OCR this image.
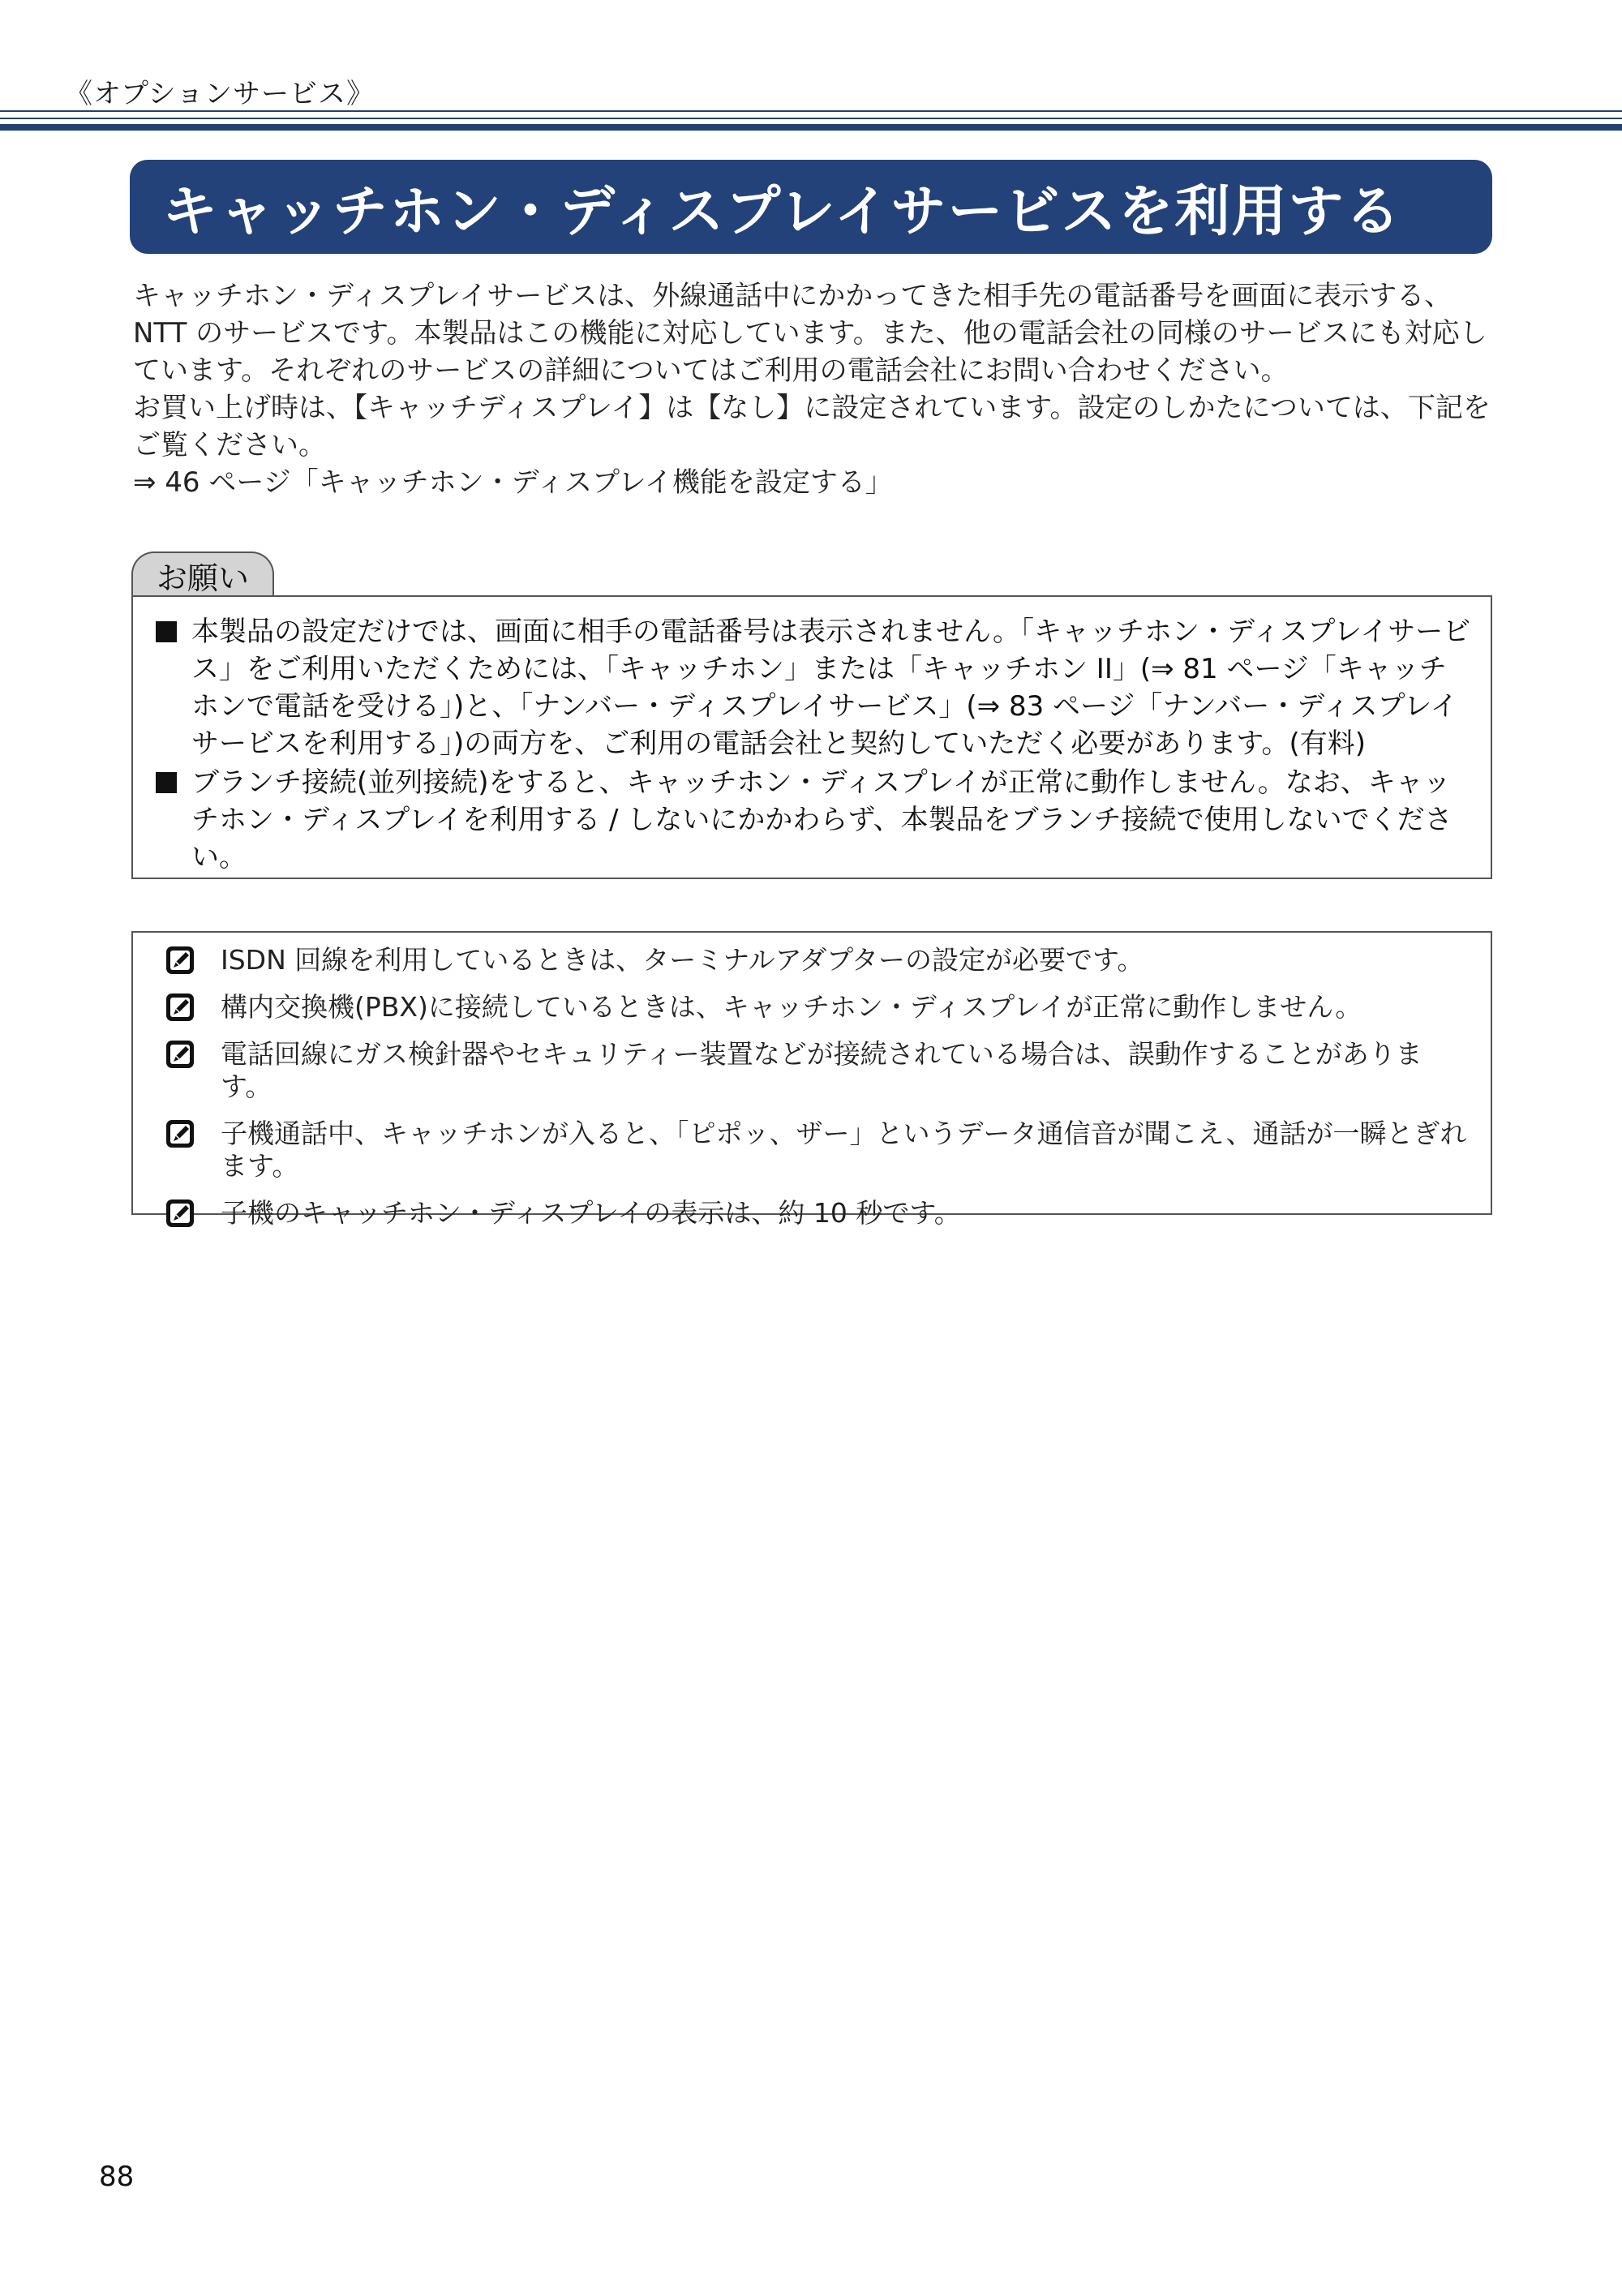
《オプションサービス》
キャッチホン・ディスプレイサービスを利用する

キャッチホン・ディスプレイサービスは、外線通話中にかかってきた相手先の電話番号を画面に表示する、NTT のサービスです。本製品はこの機能に対応しています。また、他の電話会社の同様のサービスにも対応しています。それぞれのサービスの詳細についてはご利用の電話会社にお問い合わせください。

お買い上げ時は、【キャッチディスプレイ】は【なし】に設定されています。設定のしかたについては、下記をご覧ください。

⇒ 46 ページ「キャッチホン・ディスプレイ機能を設定する」

お願い
本製品の設定だけでは、画面に相手の電話番号は表示されません。「キャッチホン・ディスプレイサービス」をご利用いただくためには、「キャッチホン」または「キャッチホン II」(⇒ 81 ページ「キャッチホンで電話を受ける」)と、「ナンバー・ディスプレイサービス」(⇒ 83 ページ「ナンバー・ディスプレイサービスを利用する」)の両方を、ご利用の電話会社と契約していただく必要があります。(有料)
ブランチ接続(並列接続)をすると、キャッチホン・ディスプレイが正常に動作しません。なお、キャッチホン・ディスプレイを利用する / しないにかかわらず、本製品をブランチ接続で使用しないでください。
ISDN 回線を利用しているときは、ターミナルアダプターの設定が必要です。
構内交換機(PBX)に接続しているときは、キャッチホン・ディスプレイが正常に動作しません。
電話回線にガス検針器やセキュリティー装置などが接続されている場合は、誤動作することがあります。
子機通話中、キャッチホンが入ると、「ピポッ、ザー」というデータ通信音が聞こえ、通話が一瞬とぎれます。
子機のキャッチホン・ディスプレイの表示は、約 10 秒です。
88
